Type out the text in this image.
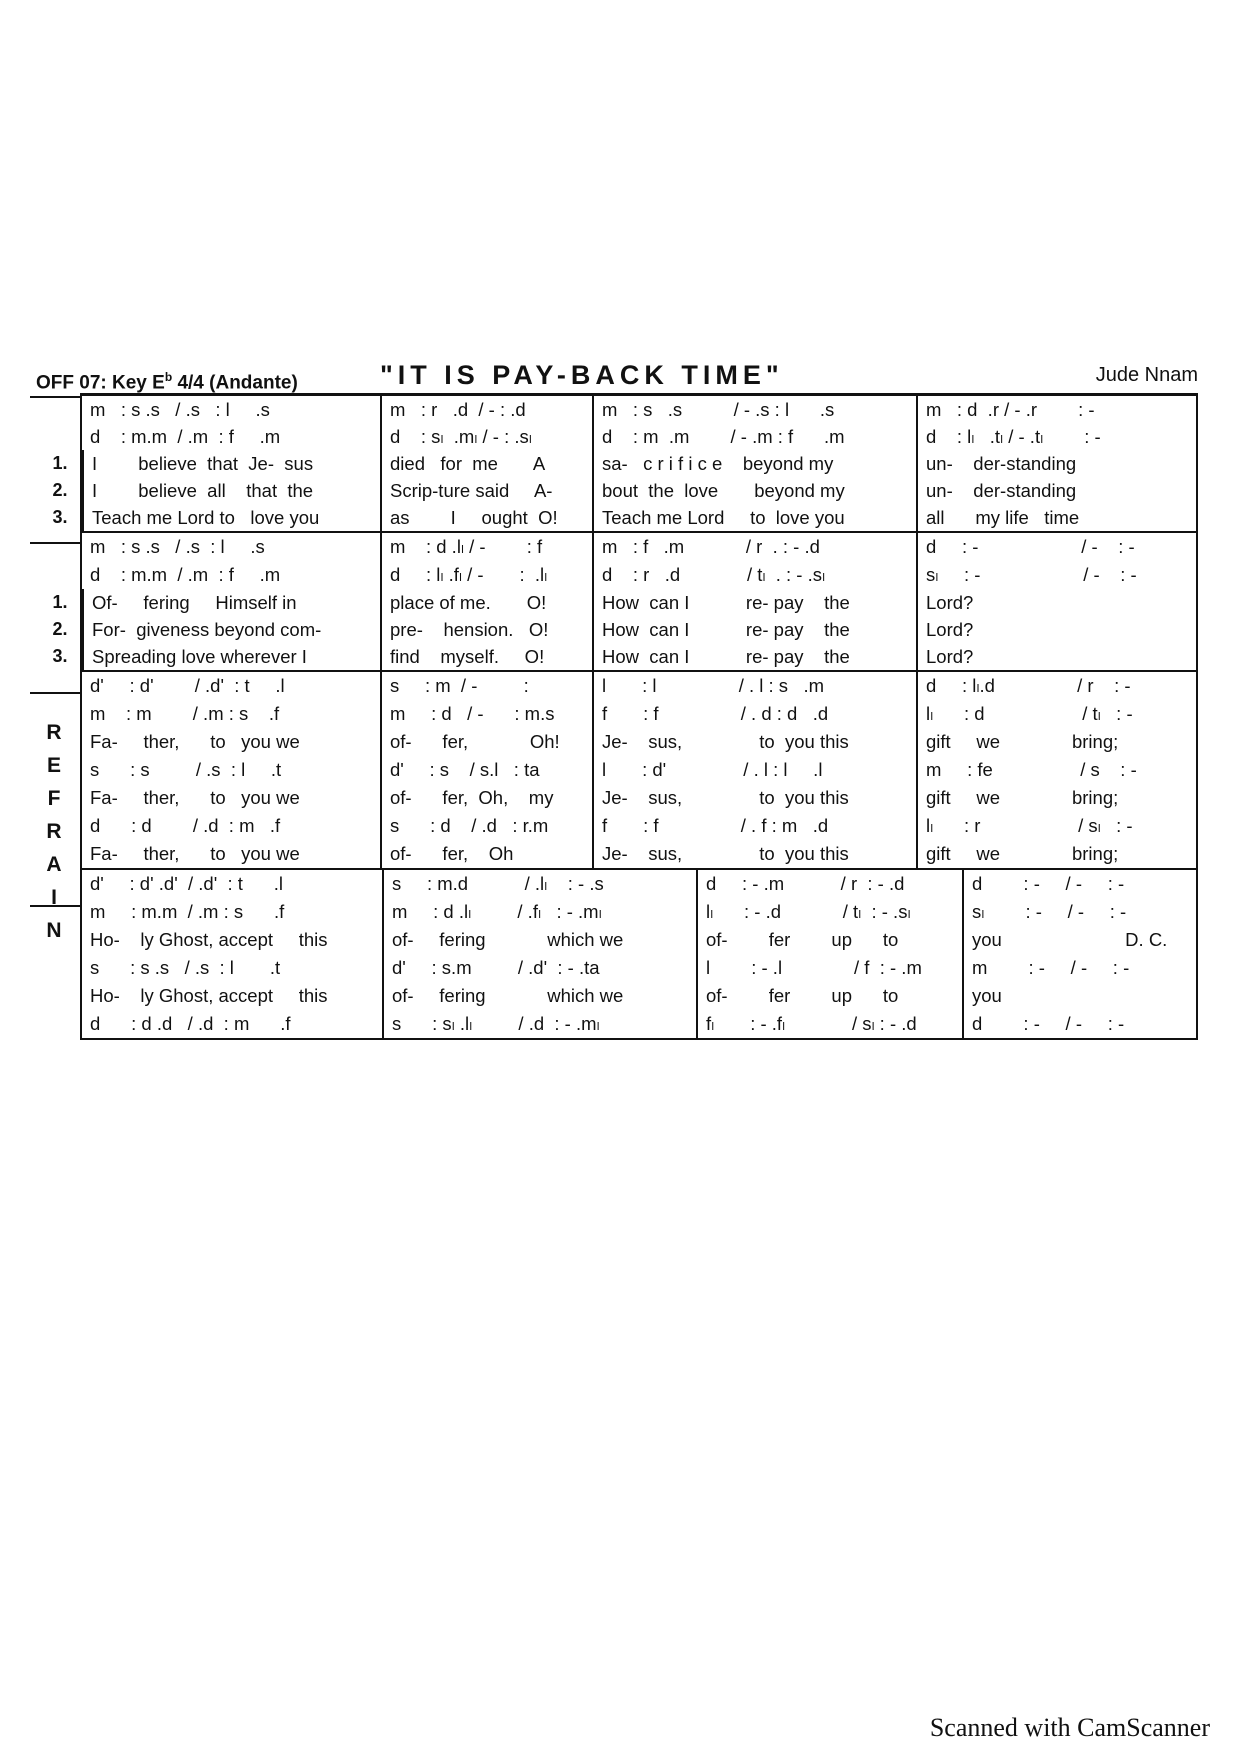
OFF 07: Key $E^b$ 4/4 (Andante)	"IT IS PAY-BACK TIME"	Jude Nnam
m   : s .s   / .s   : l     .s	m   : r   .d  / - : .d	m   : s   .s          / - .s : l      .s	m   : d  .r / - .r        : -
d    : m.m  / .m  : f     .m	d    : sₗ  .mₗ / - : .sₗ	d    : m  .m        / - .m : f      .m	d    : lₗ   .tₗ / - .tₗ        : -
1.	I        believe  that  Je-  sus	died   for  me       A	sa-   c r i f i c e    beyond my	un-    der-standing
2.	I        believe  all    that  the	Scrip-ture said     A-	bout  the  love       beyond my	un-    der-standing
3.	Teach me Lord to   love you	as        I     ought  O!	Teach me Lord     to  love you	all      my life   time
m   : s .s   / .s  : l     .s	m    : d .lₗ / -        : f	m   : f   .m            / r  . : - .d	d     : -                    / -    : -
d    : m.m  / .m  : f     .m	d     : lₗ .fₗ / -       :  .lₗ	d    : r   .d             / tₗ  . : - .sₗ	sₗ     : -                    / -    : -
1.	Of-     fering     Himself in	place of me.       O!	How  can I           re- pay    the	Lord?
2.	For-  giveness beyond com-	pre-    hension.   O!	How  can I           re- pay    the	Lord?
3.	Spreading love wherever I	find    myself.     O!	How  can I           re- pay    the	Lord?
R
E
F
R
A
I
N
d'     : d'        / .d'  : t     .l	s     : m  / -         :	l       : l                / . l : s   .m	d     : lₗ.d                / r    : -
m    : m        / .m : s    .f	m     : d   / -      : m.s	f       : f                / . d : d   .d	lₗ      : d                   / tₗ   : -
Fa-     ther,      to   you we	of-      fer,            Oh!	Je-    sus,               to  you this	gift     we              bring;
s      : s         / .s  : l     .t	d'     : s    / s.l   : ta	l       : d'               / . l : l     .l	m     : fe                 / s    : -
Fa-     ther,      to   you we	of-      fer,  Oh,    my	Je-    sus,               to  you this	gift     we              bring;
d      : d        / .d  : m   .f	s      : d    / .d   : r.m	f       : f                / . f : m   .d	lₗ      : r                   / sₗ   : -
Fa-     ther,      to   you we	of-      fer,    Oh	Je-    sus,               to  you this	gift     we              bring;
d'     : d' .d'  / .d'  : t      .l	s     : m.d           / .lₗ    : - .s	d     : - .m           / r  : - .d	d        : -     / -     : -
m     : m.m  / .m : s      .f	m     : d .lₗ         / .fₗ   : - .mₗ	lₗ      : - .d            / tₗ  : - .sₗ	sₗ        : -     / -     : -
Ho-    ly Ghost, accept     this	of-     fering            which we	of-        fer        up      to	you                        D. C.
s      : s .s   / .s  : l       .t	d'     : s.m         / .d'  : - .ta	l        : - .l              / f  : - .m	m        : -     / -     : -
Ho-    ly Ghost, accept     this	of-     fering            which we	of-        fer        up      to	you
d      : d .d   / .d  : m      .f	s      : sₗ .lₗ         / .d  : - .mₗ	fₗ       : - .fₗ             / sₗ : - .d	d        : -     / -     : -
Scanned with CamScanner
